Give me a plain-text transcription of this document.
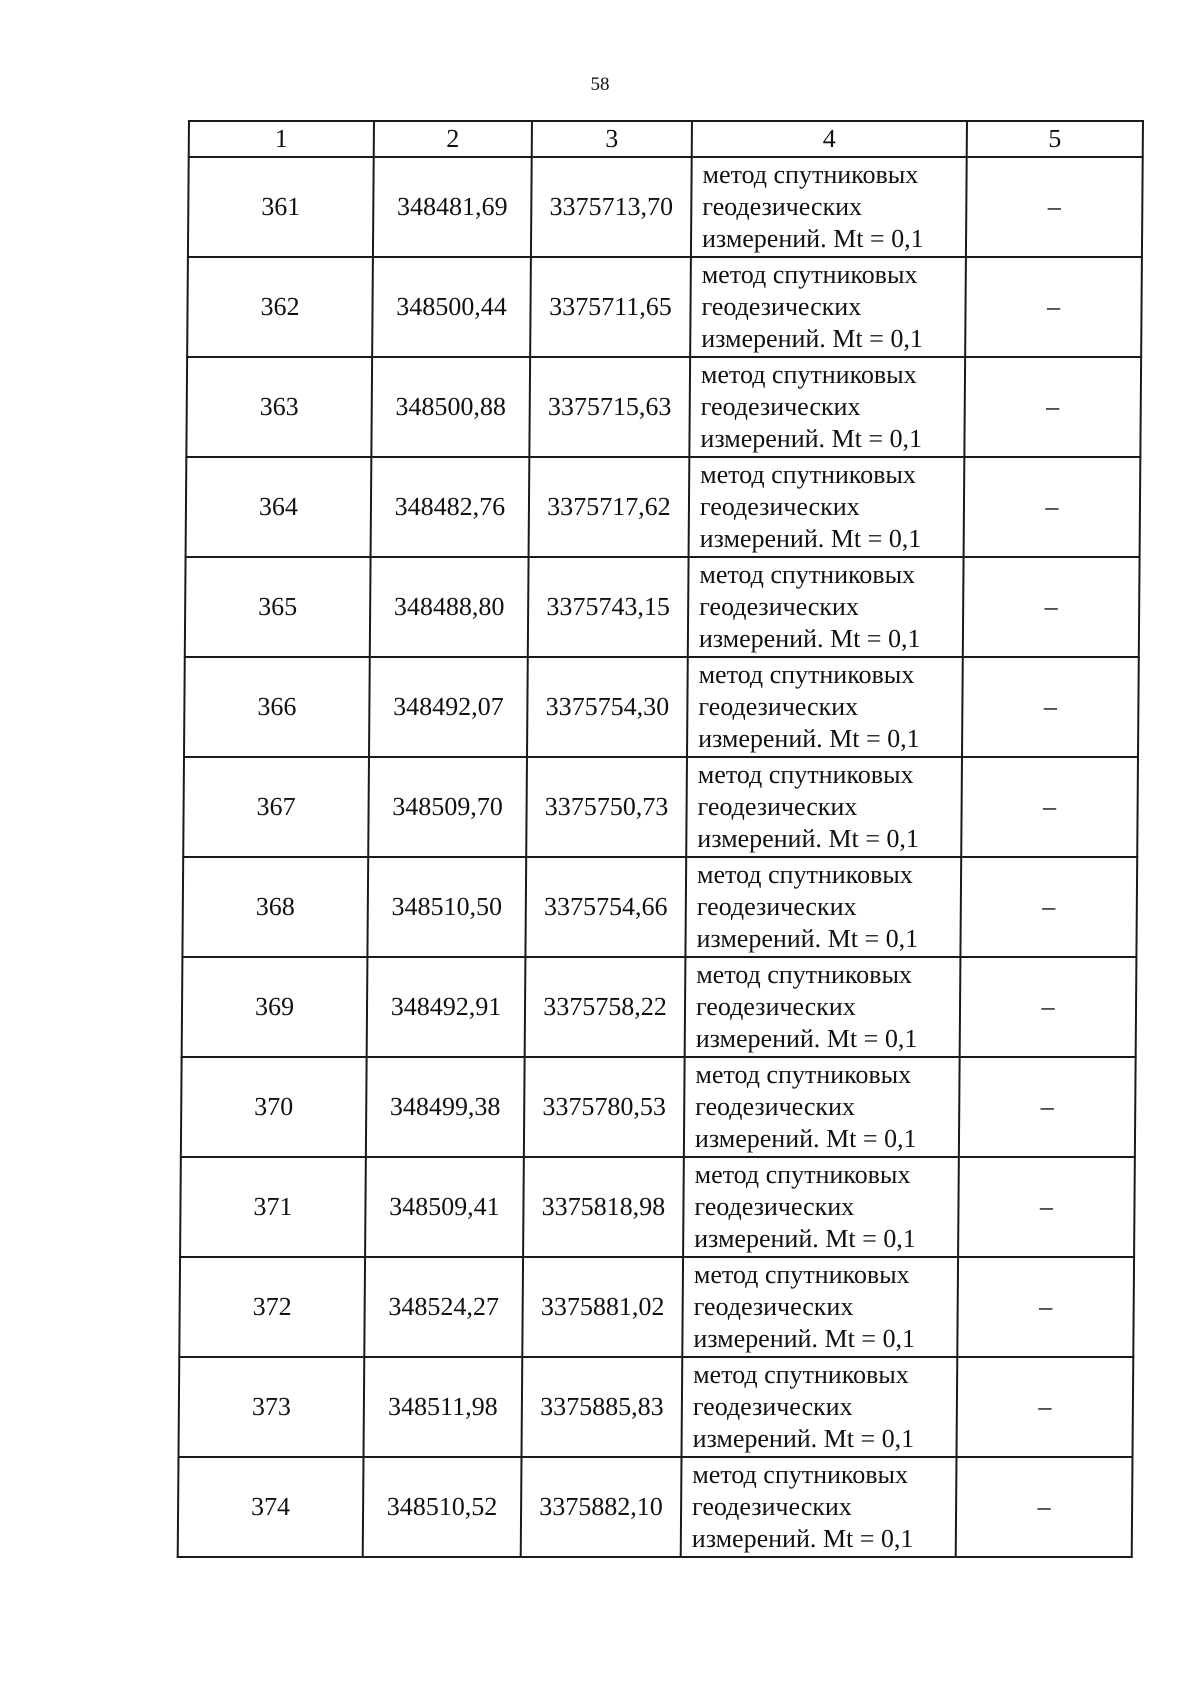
58
1	2	3	4	5
361	348481,69	3375713,70	метод спутниковых
геодезических
измерений. Mt = 0,1	–
362	348500,44	3375711,65	метод спутниковых
геодезических
измерений. Mt = 0,1	–
363	348500,88	3375715,63	метод спутниковых
геодезических
измерений. Mt = 0,1	–
364	348482,76	3375717,62	метод спутниковых
геодезических
измерений. Mt = 0,1	–
365	348488,80	3375743,15	метод спутниковых
геодезических
измерений. Mt = 0,1	–
366	348492,07	3375754,30	метод спутниковых
геодезических
измерений. Mt = 0,1	–
367	348509,70	3375750,73	метод спутниковых
геодезических
измерений. Mt = 0,1	–
368	348510,50	3375754,66	метод спутниковых
геодезических
измерений. Mt = 0,1	–
369	348492,91	3375758,22	метод спутниковых
геодезических
измерений. Mt = 0,1	–
370	348499,38	3375780,53	метод спутниковых
геодезических
измерений. Mt = 0,1	–
371	348509,41	3375818,98	метод спутниковых
геодезических
измерений. Mt = 0,1	–
372	348524,27	3375881,02	метод спутниковых
геодезических
измерений. Mt = 0,1	–
373	348511,98	3375885,83	метод спутниковых
геодезических
измерений. Mt = 0,1	–
374	348510,52	3375882,10	метод спутниковых
геодезических
измерений. Mt = 0,1	–
